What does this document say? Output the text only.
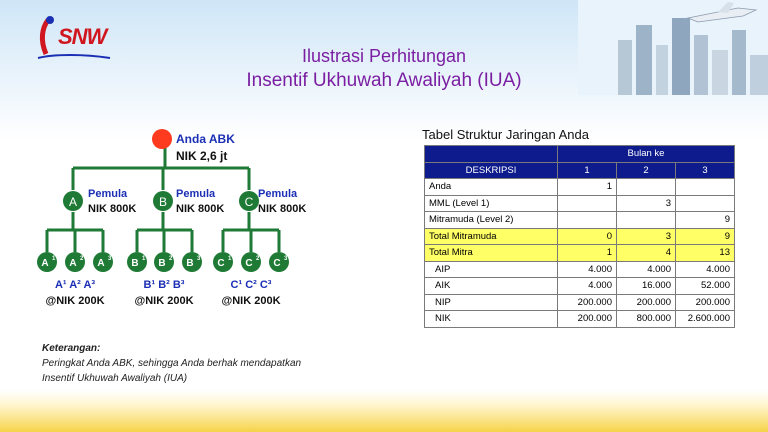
SNW
Ilustrasi Perhitungan
Insentif Ukhuwah Awaliyah (IUA)
Anda ABK
NIK 2,6 jt
A
Pemula
NIK 800K B
Pemula
NIK 800K C
Pemula
NIK 800K
A 1 A 2 A 3
A¹ A² A³
@NIK 200K
B 1 B 2 B 3
B¹ B² B³
@NIK 200K
C 1 C 2 C 3
C¹ C² C³
@NIK 200K
Tabel Struktur Jaringan Anda
	Bulan ke		
DESKRIPSI	1	2	3
Anda	1		
MML (Level 1)		3	
Mitramuda (Level 2)			9
Total Mitramuda	0	3	9
Total Mitra	1	4	13
AIP	4.000	4.000	4.000
AIK	4.000	16.000	52.000
NIP	200.000	200.000	200.000
NIK	200.000	800.000	2.600.000
Keterangan:
Peringkat Anda ABK, sehingga Anda berhak mendapatkan
Insentif Ukhuwah Awaliyah (IUA)
